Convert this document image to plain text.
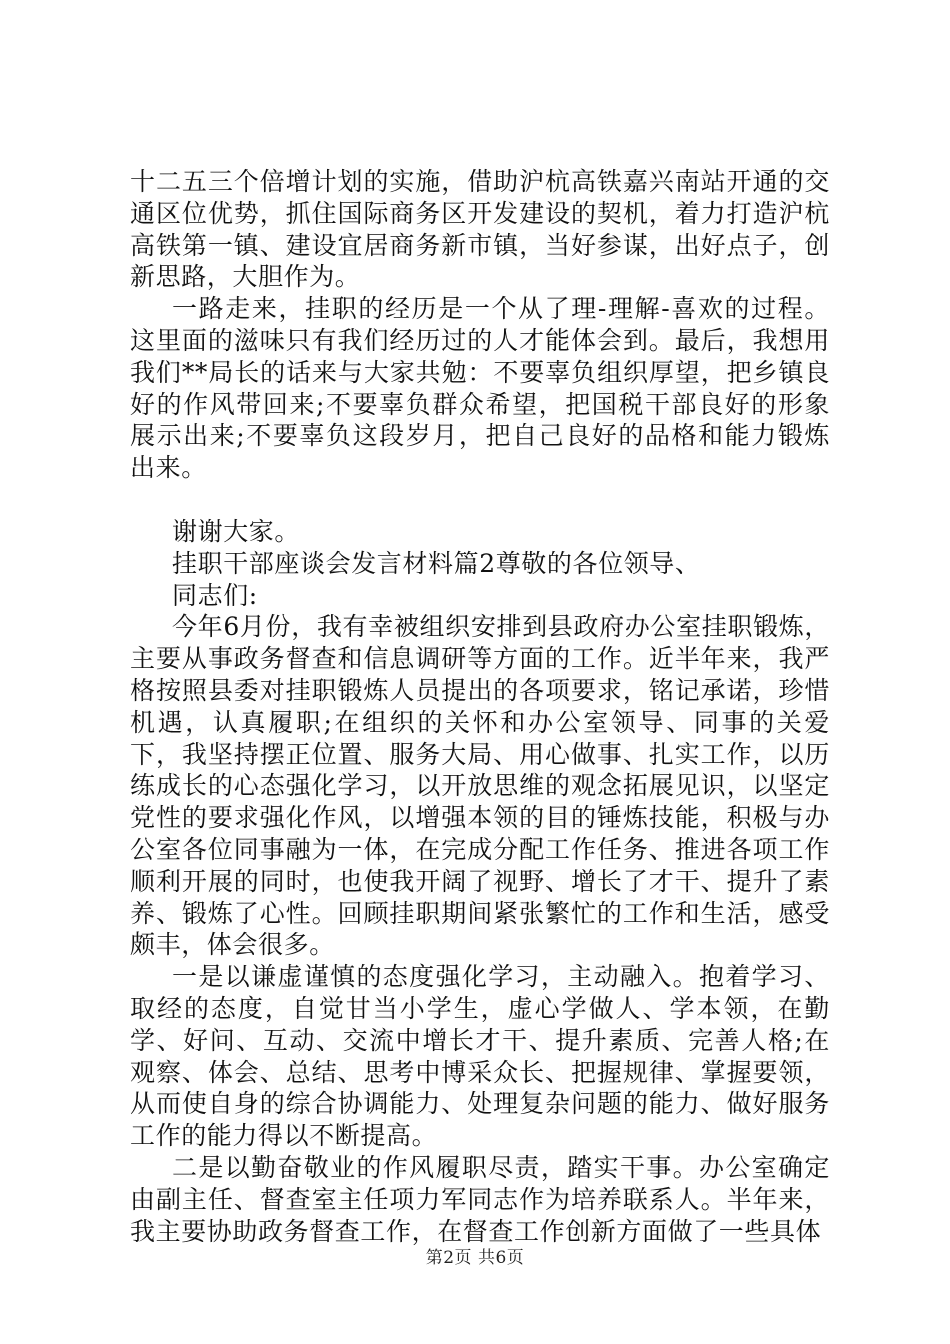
十二五三个倍增计划的实施，借助沪杭高铁嘉兴南站开通的交通区位优势，抓住国际商务区开发建设的契机，着力打造沪杭高铁第一镇、建设宜居商务新市镇，当好参谋，出好点子，创新思路，大胆作为。

一路走来，挂职的经历是一个从了理-理解-喜欢的过程。这里面的滋味只有我们经历过的人才能体会到。最后，我想用我们**局长的话来与大家共勉：不要辜负组织厚望，把乡镇良好的作风带回来;不要辜负群众希望，把国税干部良好的形象展示出来;不要辜负这段岁月，把自己良好的品格和能力锻炼出来。

谢谢大家。

挂职干部座谈会发言材料篇2尊敬的各位领导、

同志们:

今年6月份，我有幸被组织安排到县政府办公室挂职锻炼，主要从事政务督查和信息调研等方面的工作。近半年来，我严格按照县委对挂职锻炼人员提出的各项要求，铭记承诺，珍惜机遇，认真履职;在组织的关怀和办公室领导、同事的关爱下，我坚持摆正位置、服务大局、用心做事、扎实工作，以历练成长的心态强化学习，以开放思维的观念拓展见识，以坚定党性的要求强化作风，以增强本领的目的锤炼技能，积极与办公室各位同事融为一体，在完成分配工作任务、推进各项工作顺利开展的同时，也使我开阔了视野、增长了才干、提升了素养、锻炼了心性。回顾挂职期间紧张繁忙的工作和生活，感受颇丰，体会很多。

一是以谦虚谨慎的态度强化学习，主动融入。抱着学习、取经的态度，自觉甘当小学生，虚心学做人、学本领，在勤学、好问、互动、交流中增长才干、提升素质、完善人格;在观察、体会、总结、思考中博采众长、把握规律、掌握要领，从而使自身的综合协调能力、处理复杂问题的能力、做好服务工作的能力得以不断提高。

二是以勤奋敬业的作风履职尽责，踏实干事。办公室确定由副主任、督查室主任项力军同志作为培养联系人。半年来，我主要协助政务督查工作，在督查工作创新方面做了一些具体

第2页 共6页
